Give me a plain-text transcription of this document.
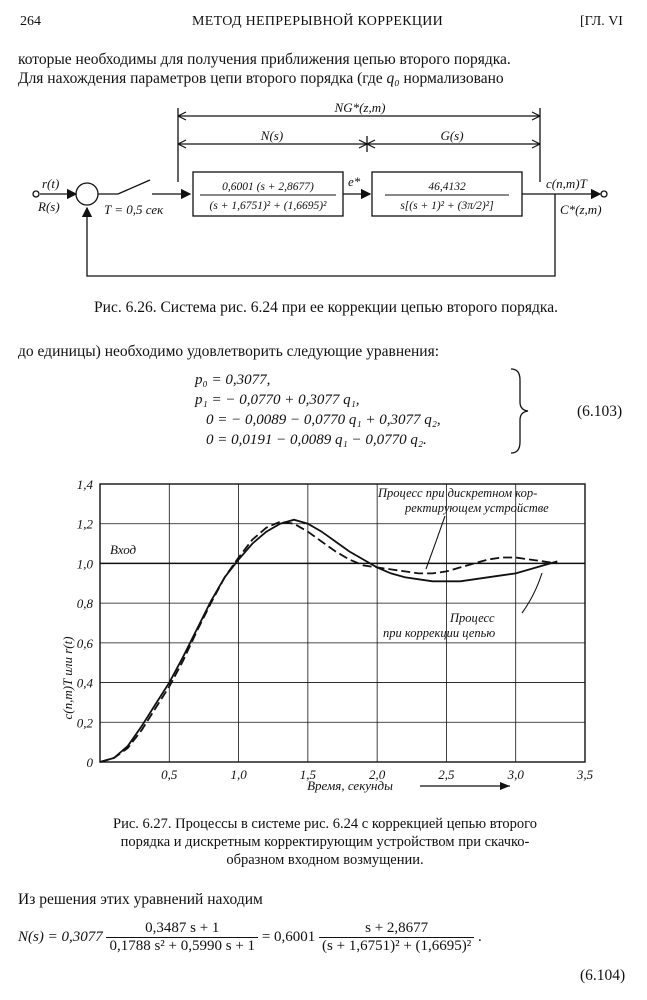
264	МЕТОД НЕПРЕРЫВНОЙ КОРРЕКЦИИ	[ГЛ. VI
которые необходимы для получения приближения цепью второго порядка.
Для нахождения параметров цепи второго порядка (где q₀ нормализовано
NG*(z,m)
N(s)	G(s)
r(t)
R(s)	T = 0,5 сек
e*	c(n,m)T
C*(z,m)
0,6001 (s + 2,8677)
(s + 1,6751)² + (1,6695)²
46,4132
s[(s + 1)² + (3π/2)²]
Рис. 6.26. Система рис. 6.24 при ее коррекции цепью второго порядка.
до единицы) необходимо удовлетворить следующие уравнения:
p₀ = 0,3077,
p₁ = − 0,0770 + 0,3077 q₁,
0 = − 0,0089 − 0,0770 q₁ + 0,3077 q₂,
0 = 0,0191 − 0,0089 q₁ − 0,0770 q₂.
(6.103)
0,5	1,0	1,5	2,0	2,5	3,0	3,5
0
0,2
0,4
0,6
0,8
1,0
1,2
1,4
c(n,m)T или r(t)
Время, секунды
Вход
Процесс при дискретном кор-
ректирующем устройстве
Процесс
при коррекции цепью
Рис. 6.27. Процессы в системе рис. 6.24 с коррекцией цепью второго
порядка и дискретным корректирующим устройством при скачко-
образном входном возмущении.
Из решения этих уравнений находим
$N(s) = 0,3077 \frac{0,3487 s + 1}{\text{0,1788 s² + 0,5990 s + 1}} = 0,6001 \frac{s + 2,8677}{\text{(s + 1,6751)² + (1,6695)²}}$ .
(6.104)
